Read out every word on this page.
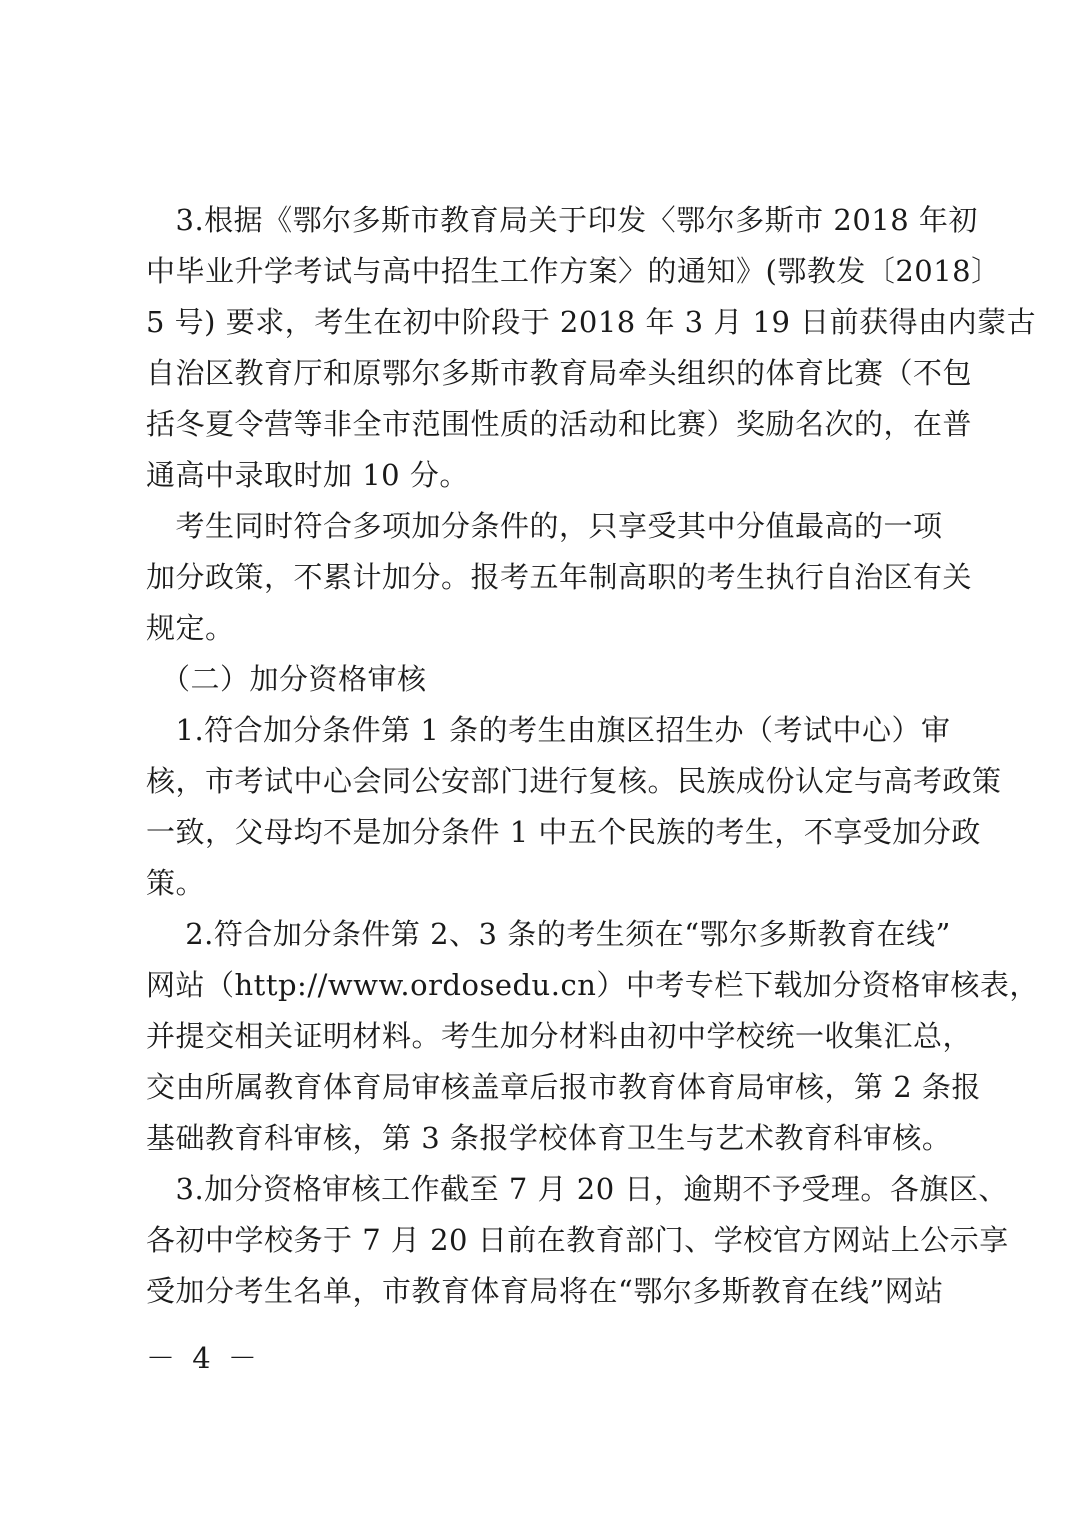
　3.根据《鄂尔多斯市教育局关于印发〈鄂尔多斯市 2018 年初
中毕业升学考试与高中招生工作方案〉的通知》(鄂教发〔2018〕
5 号) 要求，考生在初中阶段于 2018 年 3 月 19 日前获得由内蒙古
自治区教育厅和原鄂尔多斯市教育局牵头组织的体育比赛（不包
括冬夏令营等非全市范围性质的活动和比赛）奖励名次的，在普
通高中录取时加 10 分。
　考生同时符合多项加分条件的，只享受其中分值最高的一项
加分政策，不累计加分。报考五年制高职的考生执行自治区有关
规定。
　（二）加分资格审核
　1.符合加分条件第 1 条的考生由旗区招生办（考试中心）审
核，市考试中心会同公安部门进行复核。民族成份认定与高考政策
一致，父母均不是加分条件 1 中五个民族的考生，不享受加分政
策。
　 2.符合加分条件第 2、3 条的考生须在“鄂尔多斯教育在线”
网站（http://www.ordosedu.cn）中考专栏下载加分资格审核表，
并提交相关证明材料。考生加分材料由初中学校统一收集汇总，
交由所属教育体育局审核盖章后报市教育体育局审核，第 2 条报
基础教育科审核，第 3 条报学校体育卫生与艺术教育科审核。
　3.加分资格审核工作截至 7 月 20 日，逾期不予受理。各旗区、
各初中学校务于 7 月 20 日前在教育部门、学校官方网站上公示享
受加分考生名单，市教育体育局将在“鄂尔多斯教育在线”网站
－ 4 －
